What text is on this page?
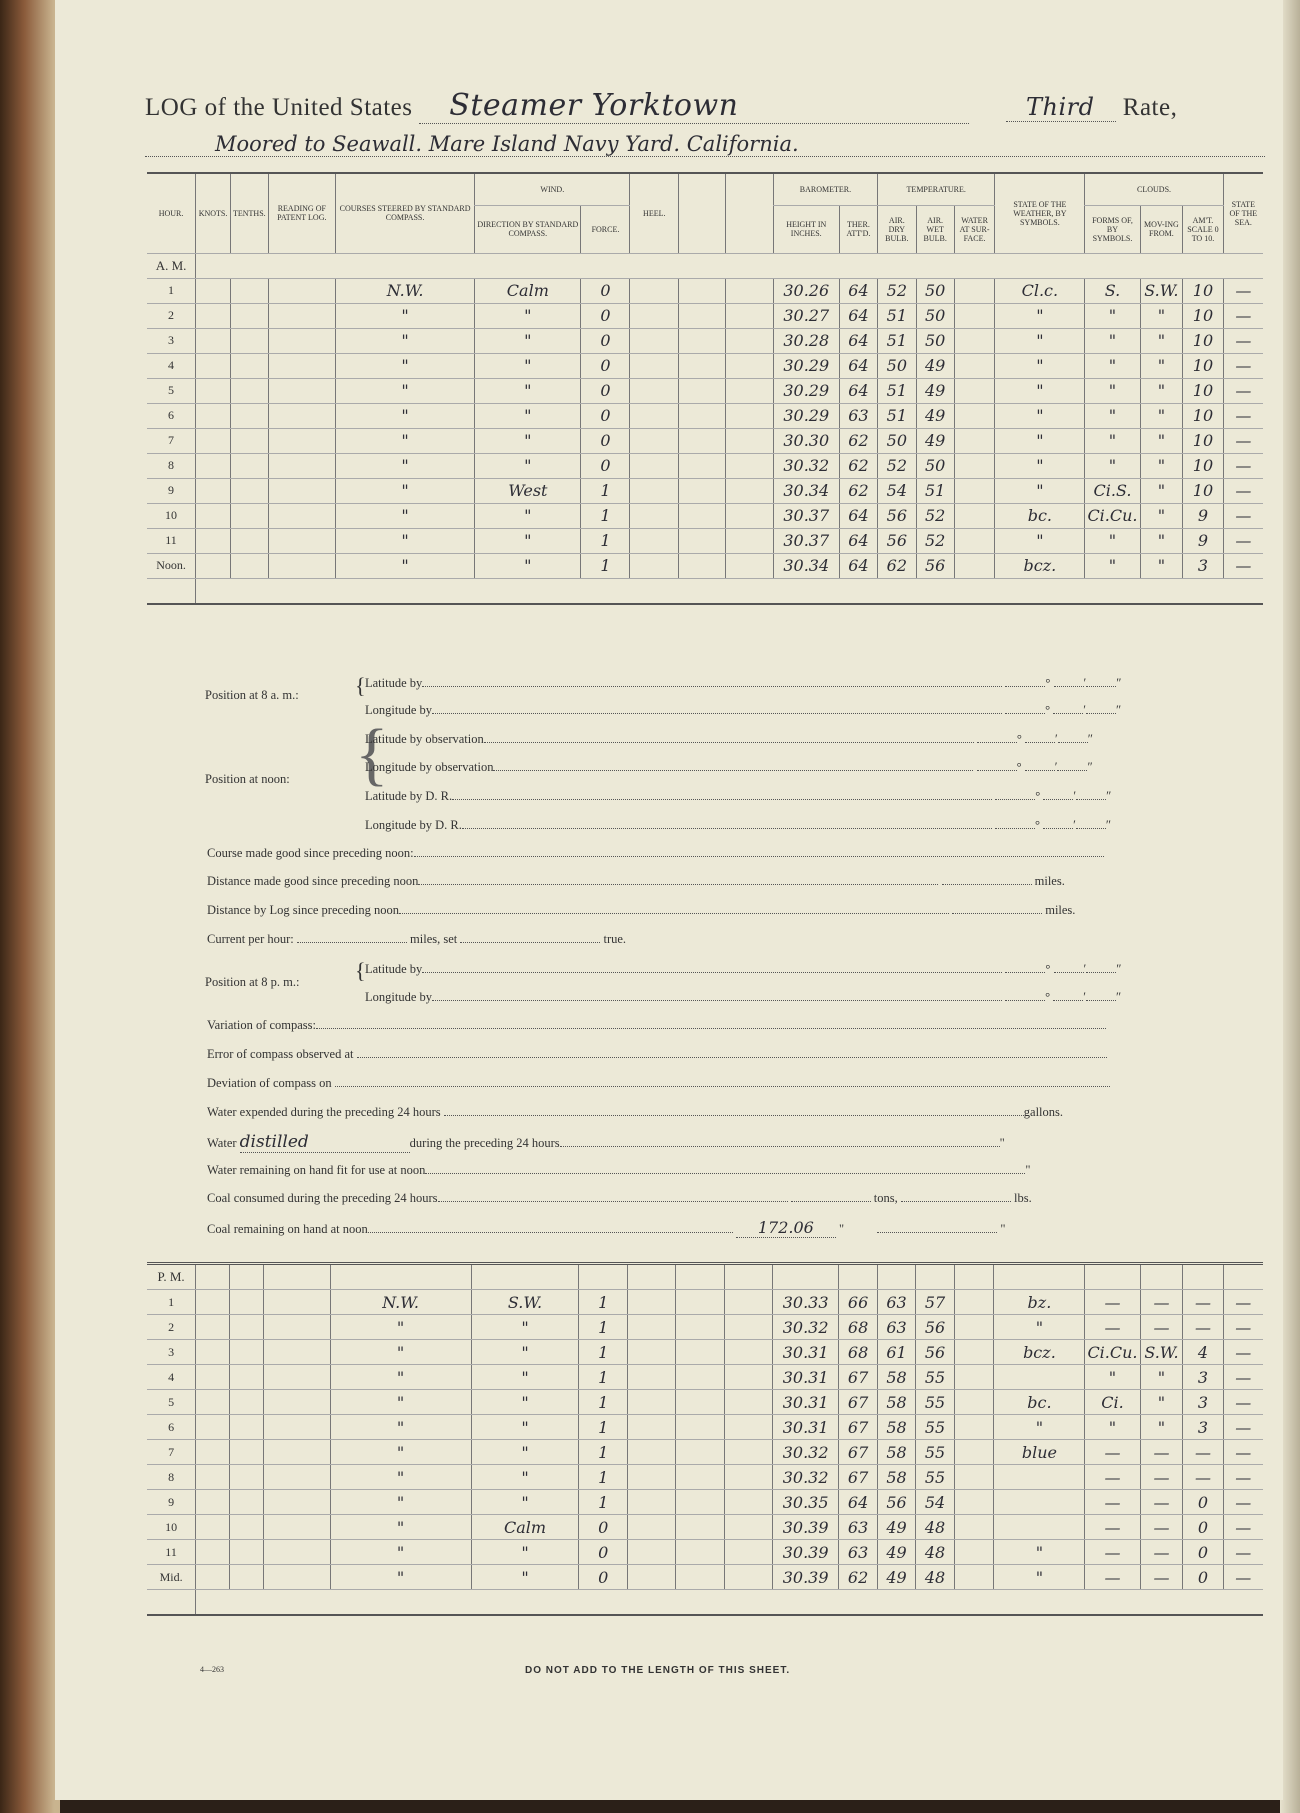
LOG of the United States Steamer Yorktown	Third Rate,
Moored to Seawall. Mare Island Navy Yard. California.
HOUR.	KNOTS.	TENTHS.	READING OF PATENT LOG.	COURSES STEERED BY STANDARD COMPASS.	WIND.		HEEL.			BAROMETER.		TEMPERATURE.			STATE OF THE WEATHER, BY SYMBOLS.	CLOUDS.			STATE OF THE SEA.
					DIRECTION BY STANDARD COMPASS.	FORCE.				HEIGHT IN INCHES.	THER. ATT'D.	AIR. DRY BULB.	AIR. WET BULB.	WATER AT SUR-FACE.		FORMS OF, BY SYMBOLS.	MOV-ING FROM.	AM'T. SCALE 0 TO 10.	
A. M.																			
1				N.W.	Calm	0				30.26	64	52	50		Cl.c.	S.	S.W.	10	—
2				"	"	0				30.27	64	51	50		"	"	"	10	—
3				"	"	0				30.28	64	51	50		"	"	"	10	—
4				"	"	0				30.29	64	50	49		"	"	"	10	—
5				"	"	0				30.29	64	51	49		"	"	"	10	—
6				"	"	0				30.29	63	51	49		"	"	"	10	—
7				"	"	0				30.30	62	50	49		"	"	"	10	—
8				"	"	0				30.32	62	52	50		"	"	"	10	—
9				"	West	1				30.34	62	54	51		"	Ci.S.	"	10	—
10				"	"	1				30.37	64	56	52		bc.	Ci.Cu.	"	9	—
11				"	"	1				30.37	64	56	52		"	"	"	9	—
Noon.				"	"	1				30.34	64	62	56		bcz.	"	"	3	—

Position at 8 a. m.:	{ Latitude by	°	′ ″
Longitude by	°	′ ″
Position at noon: {
Latitude by observation	°	′ ″
Longitude by observation	°	′ ″
Latitude by D. R.	°	′ ″
Longitude by D. R.	°	′ ″
Course made good since preceding noon:
Distance made good since preceding noon	miles.
Distance by Log since preceding noon	miles.
Current per hour:	miles, set	true.
Position at 8 p. m.:	{ Latitude by	°	′ ″
Longitude by	°	′ ″
Variation of compass:
Error of compass observed at
Deviation of compass on
Water expended during the preceding 24 hours	gallons.
Water distilled	during the preceding 24 hours	"
Water remaining on hand fit for use at noon	"
Coal consumed during the preceding 24 hours	tons,	lbs.
Coal remaining on hand at noon	172.06 "	"
P. M.																			
1				N.W.	S.W.	1				30.33	66	63	57		bz.	—	—	—	—
2				"	"	1				30.32	68	63	56		"	—	—	—	—
3				"	"	1				30.31	68	61	56		bcz.	Ci.Cu.	S.W.	4	—
4				"	"	1				30.31	67	58	55			"	"	3	—
5				"	"	1				30.31	67	58	55		bc.	Ci.	"	3	—
6				"	"	1				30.31	67	58	55		"	"	"	3	—
7				"	"	1				30.32	67	58	55		blue	—	—	—	—
8				"	"	1				30.32	67	58	55			—	—	—	—
9				"	"	1				30.35	64	56	54			—	—	0	—
10				"	Calm	0				30.39	63	49	48			—	—	0	—
11				"	"	0				30.39	63	49	48		"	—	—	0	—
Mid.				"	"	0				30.39	62	49	48		"	—	—	0	—

4—263	DO NOT ADD TO THE LENGTH OF THIS SHEET.
